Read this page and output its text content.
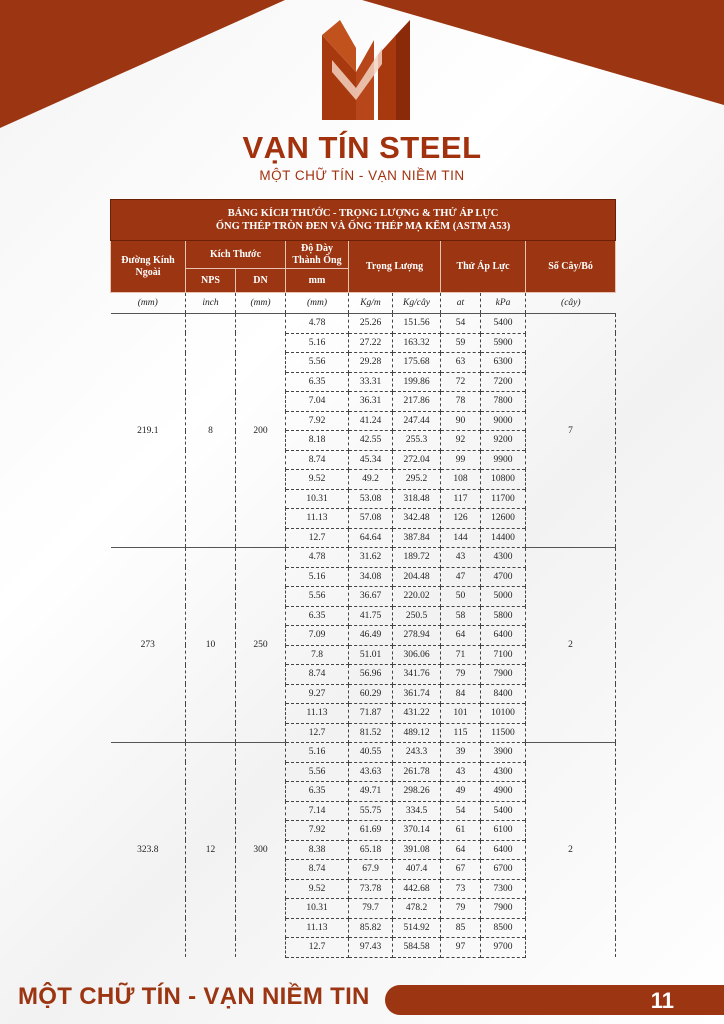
VẠN TÍN STEEL
MỘT CHỮ TÍN - VẠN NIỀM TIN
BẢNG KÍCH THƯỚC - TRỌNG LƯỢNG & THỬ ÁP LỰC
ỐNG THÉP TRÒN ĐEN VÀ ỐNG THÉP MẠ KẼM (ASTM A53)								

Đường Kính Ngoài	Kích Thước		Độ Dày Thành Ống	Trọng Lượng		Thử Áp Lực		Số Cây/Bó
	NPS	DN	mm					
(mm)	inch	(mm)	(mm)	Kg/m	Kg/cây	at	kPa	(cây)
219.1	8	200	4.78	25.26	151.56	54	5400	7
			5.16	27.22	163.32	59	5900	
			5.56	29.28	175.68	63	6300	
			6.35	33.31	199.86	72	7200	
			7.04	36.31	217.86	78	7800	
			7.92	41.24	247.44	90	9000	
			8.18	42.55	255.3	92	9200	
			8.74	45.34	272.04	99	9900	
			9.52	49.2	295.2	108	10800	
			10.31	53.08	318.48	117	11700	
			11.13	57.08	342.48	126	12600	
			12.7	64.64	387.84	144	14400	
273	10	250	4.78	31.62	189.72	43	4300	2
			5.16	34.08	204.48	47	4700	
			5.56	36.67	220.02	50	5000	
			6.35	41.75	250.5	58	5800	
			7.09	46.49	278.94	64	6400	
			7.8	51.01	306.06	71	7100	
			8.74	56.96	341.76	79	7900	
			9.27	60.29	361.74	84	8400	
			11.13	71.87	431.22	101	10100	
			12.7	81.52	489.12	115	11500	
323.8	12	300	5.16	40.55	243.3	39	3900	2
			5.56	43.63	261.78	43	4300	
			6.35	49.71	298.26	49	4900	
			7.14	55.75	334.5	54	5400	
			7.92	61.69	370.14	61	6100	
			8.38	65.18	391.08	64	6400	
			8.74	67.9	407.4	67	6700	
			9.52	73.78	442.68	73	7300	
			10.31	79.7	478.2	79	7900	
			11.13	85.82	514.92	85	8500	
			12.7	97.43	584.58	97	9700	
MỘT CHỮ TÍN - VẠN NIỀM TIN	11
